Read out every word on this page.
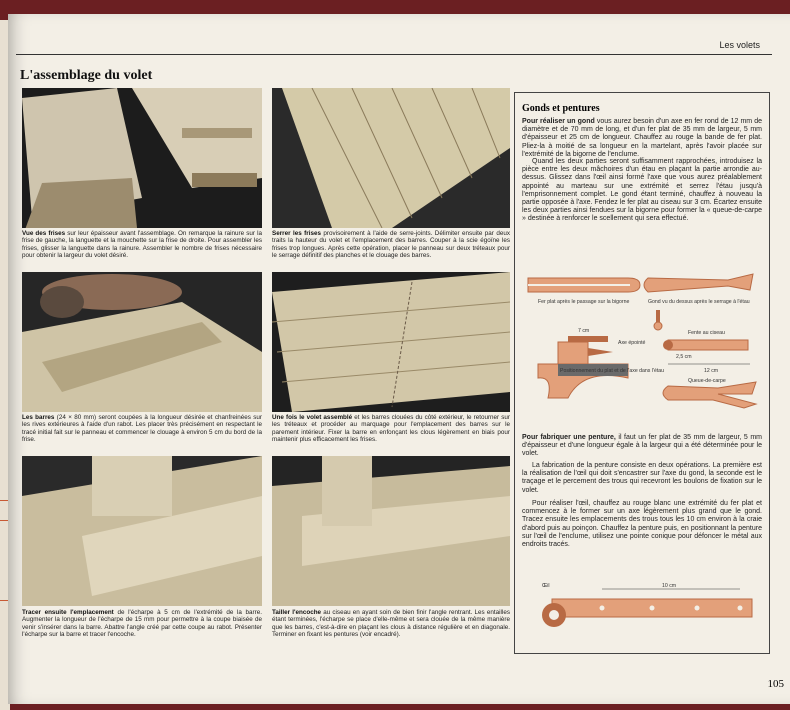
Les volets
L'assemblage du volet
Vue des frises sur leur épaisseur avant l'assemblage. On remarque la rainure sur la frise de gauche, la languette et la mouchette sur la frise de droite. Pour assembler les frises, glisser la languette dans la rainure. Assembler le nombre de frises nécessaire pour obtenir la largeur du volet désiré.
Serrer les frises provisoirement à l'aide de serre-joints. Délimiter ensuite par deux traits la hauteur du volet et l'emplacement des barres. Couper à la scie égoïne les frises trop longues. Après cette opération, placer le panneau sur deux tréteaux pour le serrage définitif des planches et le clouage des barres.
Les barres (24 × 80 mm) seront coupées à la longueur désirée et chanfreinées sur les rives extérieures à l'aide d'un rabot. Les placer très précisément en respectant le tracé initial fait sur le panneau et commencer le clouage à environ 5 cm du bord de la frise.
Une fois le volet assemblé et les barres clouées du côté extérieur, le retourner sur les tréteaux et procéder au marquage pour l'emplacement des barres sur le parement intérieur. Fixer la barre en enfonçant les clous légèrement en biais pour maintenir plus efficacement les frises.
Tracer ensuite l'emplacement de l'écharpe à 5 cm de l'extrémité de la barre. Augmenter la longueur de l'écharpe de 15 mm pour permettre à la coupe biaisée de venir s'insérer dans la barre. Abattre l'angle créé par cette coupe au rabot. Présenter l'écharpe sur la barre et tracer l'encoche.
Tailler l'encoche au ciseau en ayant soin de bien finir l'angle rentrant. Les entailles étant terminées, l'écharpe se place d'elle-même et sera clouée de la même manière que les barres, c'est-à-dire en plaçant les clous à distance régulière et en diagonale. Terminer en fixant les pentures (voir encadré).
Gonds et pentures
Pour réaliser un gond vous aurez besoin d'un axe en fer rond de 12 mm de diamètre et de 70 mm de long, et d'un fer plat de 35 mm de largeur, 5 mm d'épaisseur et 25 cm de longueur. Chauffez au rouge la bande de fer plat. Pliez-la à moitié de sa longueur en la martelant, après l'avoir placée sur l'extrémité de la bigorne de l'enclume.
Quand les deux parties seront suffisamment rapprochées, introduisez la pièce entre les deux mâchoires d'un étau en plaçant la partie arrondie au-dessus. Glissez dans l'œil ainsi formé l'axe que vous aurez préalablement appointé au marteau sur une extrémité et serrez l'étau jusqu'à l'emprisonnement complet. Le gond étant terminé, chauffez à nouveau la partie opposée à l'axe. Fendez le fer plat au ciseau sur 3 cm. Écartez ensuite les deux parties ainsi fendues sur la bigorne pour former la « queue-de-carpe » destinée à renforcer le scellement qui sera effectué.
Fer plat après le passage sur la bigorne	Gond vu du dessus après le serrage à l'étau
7 cm
Axe épointé
Positionnement du plat et de l'axe dans l'étau
Fente au ciseau
2,5 cm
12 cm
Queue-de-carpe
Pour fabriquer une penture, il faut un fer plat de 35 mm de largeur, 5 mm d'épaisseur et d'une longueur égale à la largeur qui a été déterminée pour le volet.
La fabrication de la penture consiste en deux opérations. La première est la réalisation de l'œil qui doit s'encastrer sur l'axe du gond, la seconde est le traçage et le percement des trous qui recevront les boulons de fixation sur le volet.
Pour réaliser l'œil, chauffez au rouge blanc une extrémité du fer plat et commencez à le former sur un axe légèrement plus grand que le gond. Tracez ensuite les emplacements des trous tous les 10 cm environ à la craie d'abord puis au poinçon. Chauffez la penture puis, en positionnant la penture sur l'œil de l'enclume, utilisez une pointe conique pour défoncer le métal aux endroits tracés.
Œil	10 cm
105
